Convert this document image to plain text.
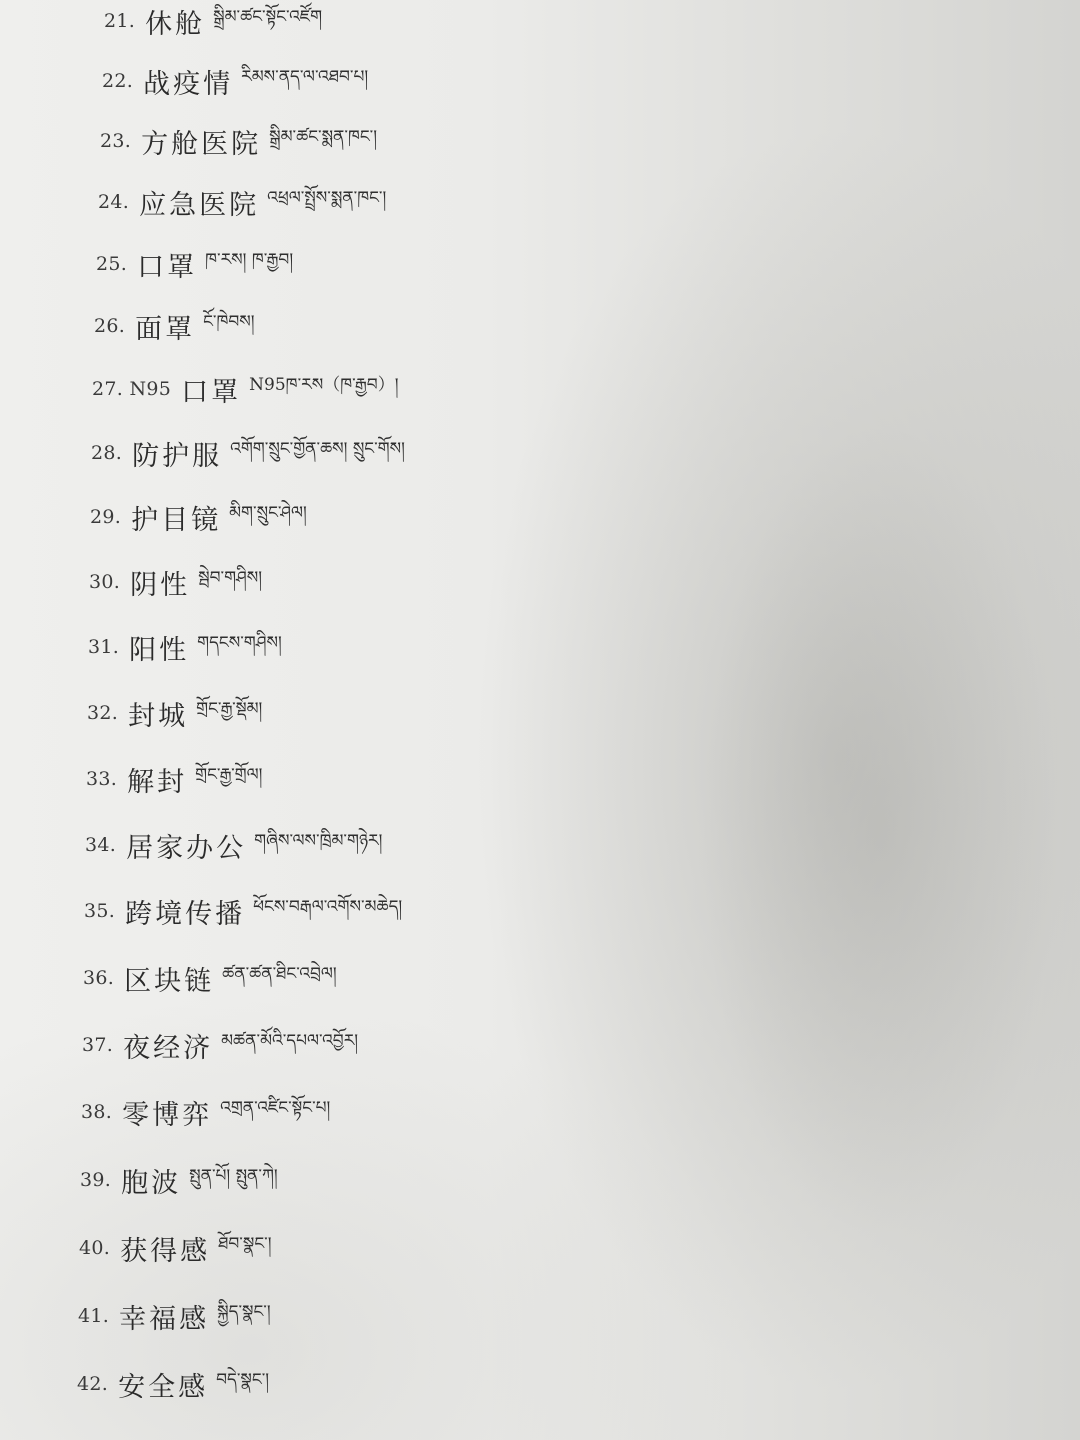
21. 休舱 སྒྲིམ་ཚང་སྟོང་འཛོག
22. 战疫情 རིམས་ནད་ལ་འཐབ་པ།
23. 方舱医院 སྒྲིམ་ཚང་སྨན་ཁང་།
24. 应急医院 འཕྲལ་སྤྲོས་སྨན་ཁང་།
25. 口罩 ཁ་རས། ཁ་རྒྱབ།
26. 面罩 ངོ་ཁེབས།
27. N95 口罩 N95ཁ་རས（ཁ་རྒྱབ）།
28. 防护服 འགོག་སྲུང་གྱོན་ཆས། སྲུང་གོས།
29. 护目镜 མིག་སྲུང་ཤེལ།
30. 阴性 སྦེབ་གཤིས།
31. 阳性 གདངས་གཤིས།
32. 封城 གྲོང་རྒྱ་སྡོམ།
33. 解封 གྲོང་རྒྱ་གྲོལ།
34. 居家办公 གཞིས་ལས་ཁྲིམ་གཉེར།
35. 跨境传播 ཕོངས་བརྒལ་འགོས་མཆེད།
36. 区块链 ཚན་ཚན་ཐིང་འབྲེལ།
37. 夜经济 མཚན་མོའི་དཔལ་འབྱོར།
38. 零博弈 འགྲན་འཛིང་སྟོང་པ།
39. 胞波 སྤུན་པོ། སྤུན་ཀེ།
40. 获得感 ཐོབ་སྣང་།
41. 幸福感 སྐྱིད་སྣང་།
42. 安全感 བདེ་སྣང་།
